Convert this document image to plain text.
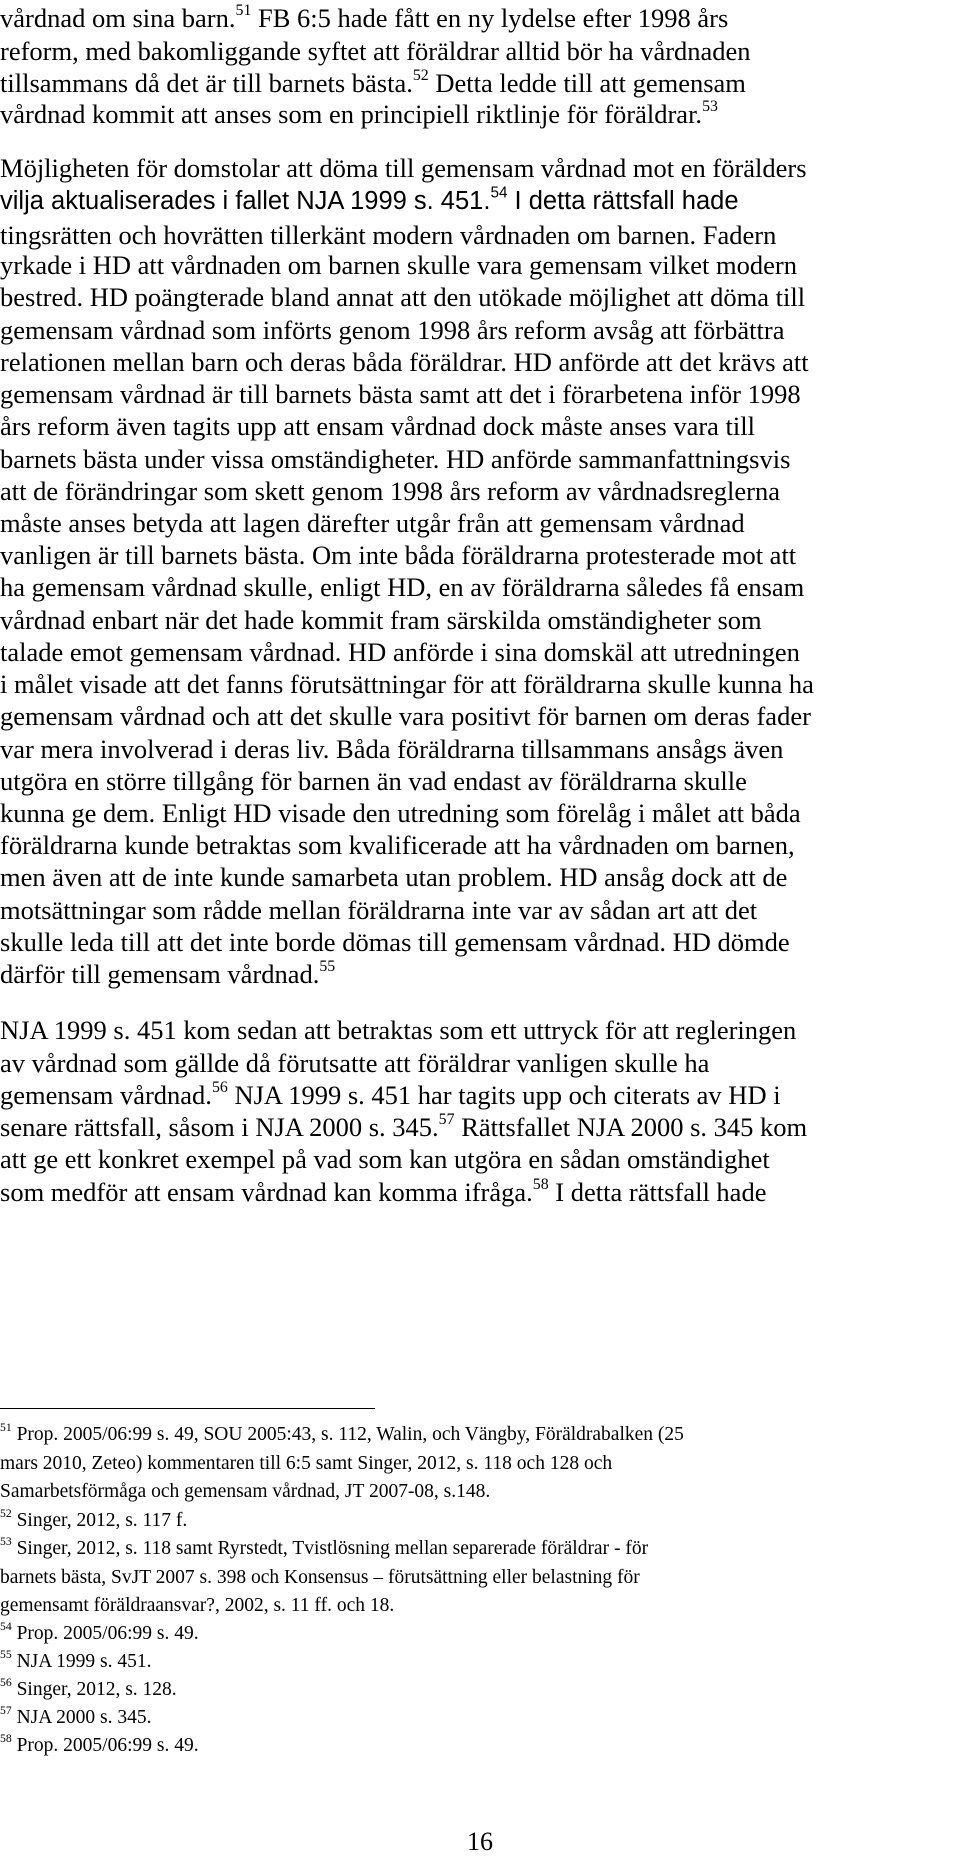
vårdnad om sina barn.$^{51}$ FB 6:5 hade fått en ny lydelse efter 1998 års
reform, med bakomliggande syftet att föräldrar alltid bör ha vårdnaden
tillsammans då det är till barnets bästa.$^{52}$ Detta ledde till att gemensam
vårdnad kommit att anses som en principiell riktlinje för föräldrar.$^{53}$
Möjligheten för domstolar att döma till gemensam vårdnad mot en förälders
vilja aktualiserades i fallet NJA 1999 s. 451.54 I detta rättsfall hade
tingsrätten och hovrätten tillerkänt modern vårdnaden om barnen. Fadern
yrkade i HD att vårdnaden om barnen skulle vara gemensam vilket modern
bestred. HD poängterade bland annat att den utökade möjlighet att döma till
gemensam vårdnad som införts genom 1998 års reform avsåg att förbättra
relationen mellan barn och deras båda föräldrar. HD anförde att det krävs att
gemensam vårdnad är till barnets bästa samt att det i förarbetena inför 1998
års reform även tagits upp att ensam vårdnad dock måste anses vara till
barnets bästa under vissa omständigheter. HD anförde sammanfattningsvis
att de förändringar som skett genom 1998 års reform av vårdnadsreglerna
måste anses betyda att lagen därefter utgår från att gemensam vårdnad
vanligen är till barnets bästa. Om inte båda föräldrarna protesterade mot att
ha gemensam vårdnad skulle, enligt HD, en av föräldrarna således få ensam
vårdnad enbart när det hade kommit fram särskilda omständigheter som
talade emot gemensam vårdnad. HD anförde i sina domskäl att utredningen
i målet visade att det fanns förutsättningar för att föräldrarna skulle kunna ha
gemensam vårdnad och att det skulle vara positivt för barnen om deras fader
var mera involverad i deras liv. Båda föräldrarna tillsammans ansågs även
utgöra en större tillgång för barnen än vad endast av föräldrarna skulle
kunna ge dem. Enligt HD visade den utredning som förelåg i målet att båda
föräldrarna kunde betraktas som kvalificerade att ha vårdnaden om barnen,
men även att de inte kunde samarbeta utan problem. HD ansåg dock att de
motsättningar som rådde mellan föräldrarna inte var av sådan art att det
skulle leda till att det inte borde dömas till gemensam vårdnad. HD dömde
därför till gemensam vårdnad.$^{55}$
NJA 1999 s. 451 kom sedan att betraktas som ett uttryck för att regleringen
av vårdnad som gällde då förutsatte att föräldrar vanligen skulle ha
gemensam vårdnad.$^{56}$ NJA 1999 s. 451 har tagits upp och citerats av HD i
senare rättsfall, såsom i NJA 2000 s. 345.57 Rättsfallet NJA 2000 s. 345 kom
att ge ett konkret exempel på vad som kan utgöra en sådan omständighet
som medför att ensam vårdnad kan komma ifråga.$^{58}$ I detta rättsfall hade
$^{51}$ Prop. 2005/06:99 s. 49, SOU 2005:43, s. 112, Walin, och Vängby, Föräldrabalken (25
mars 2010, Zeteo) kommentaren till 6:5 samt Singer, 2012, s. 118 och 128 och
Samarbetsförmåga och gemensam vårdnad, JT 2007-08, s.148.
$^{52}$ Singer, 2012, s. 117 f.
$^{53}$ Singer, 2012, s. 118 samt Ryrstedt, Tvistlösning mellan separerade föräldrar - för
barnets bästa, SvJT 2007 s. 398 och Konsensus – förutsättning eller belastning för
gemensamt föräldraansvar?, 2002, s. 11 ff. och 18.
$^{54}$ Prop. 2005/06:99 s. 49.
$^{55}$ NJA 1999 s. 451.
$^{56}$ Singer, 2012, s. 128.
$^{57}$ NJA 2000 s. 345.
$^{58}$ Prop. 2005/06:99 s. 49.
16
